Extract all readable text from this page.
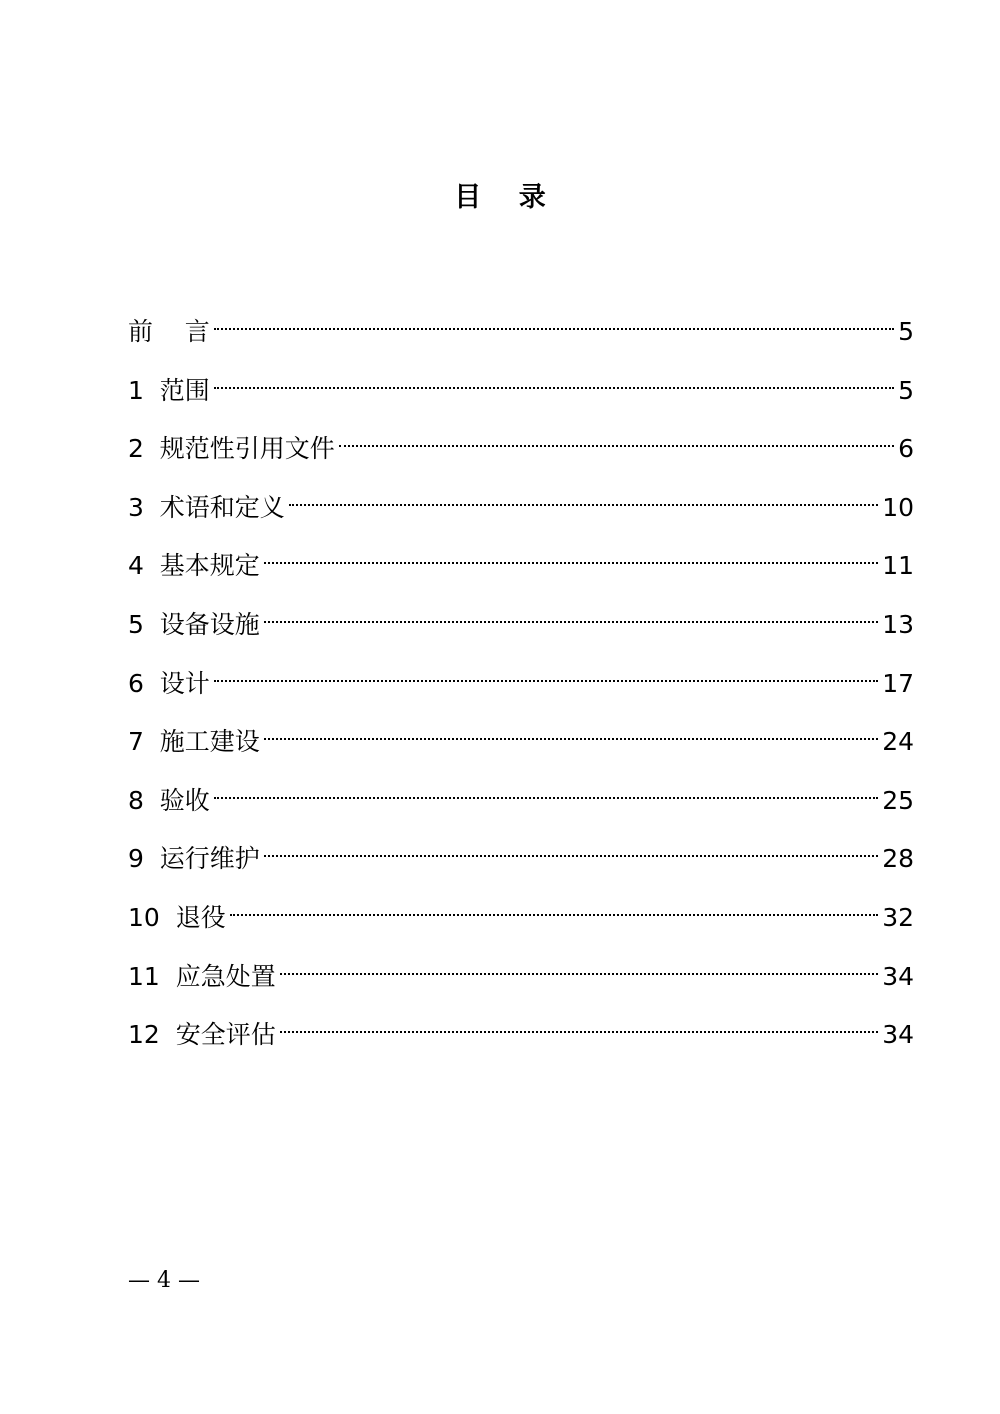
目    录
前    言	5
1  范围	5
2  规范性引用文件	6
3  术语和定义	10
4  基本规定	11
5  设备设施	13
6  设计	17
7  施工建设	24
8  验收	25
9  运行维护	28
10  退役	32
11  应急处置	34
12  安全评估	34
— 4 —
